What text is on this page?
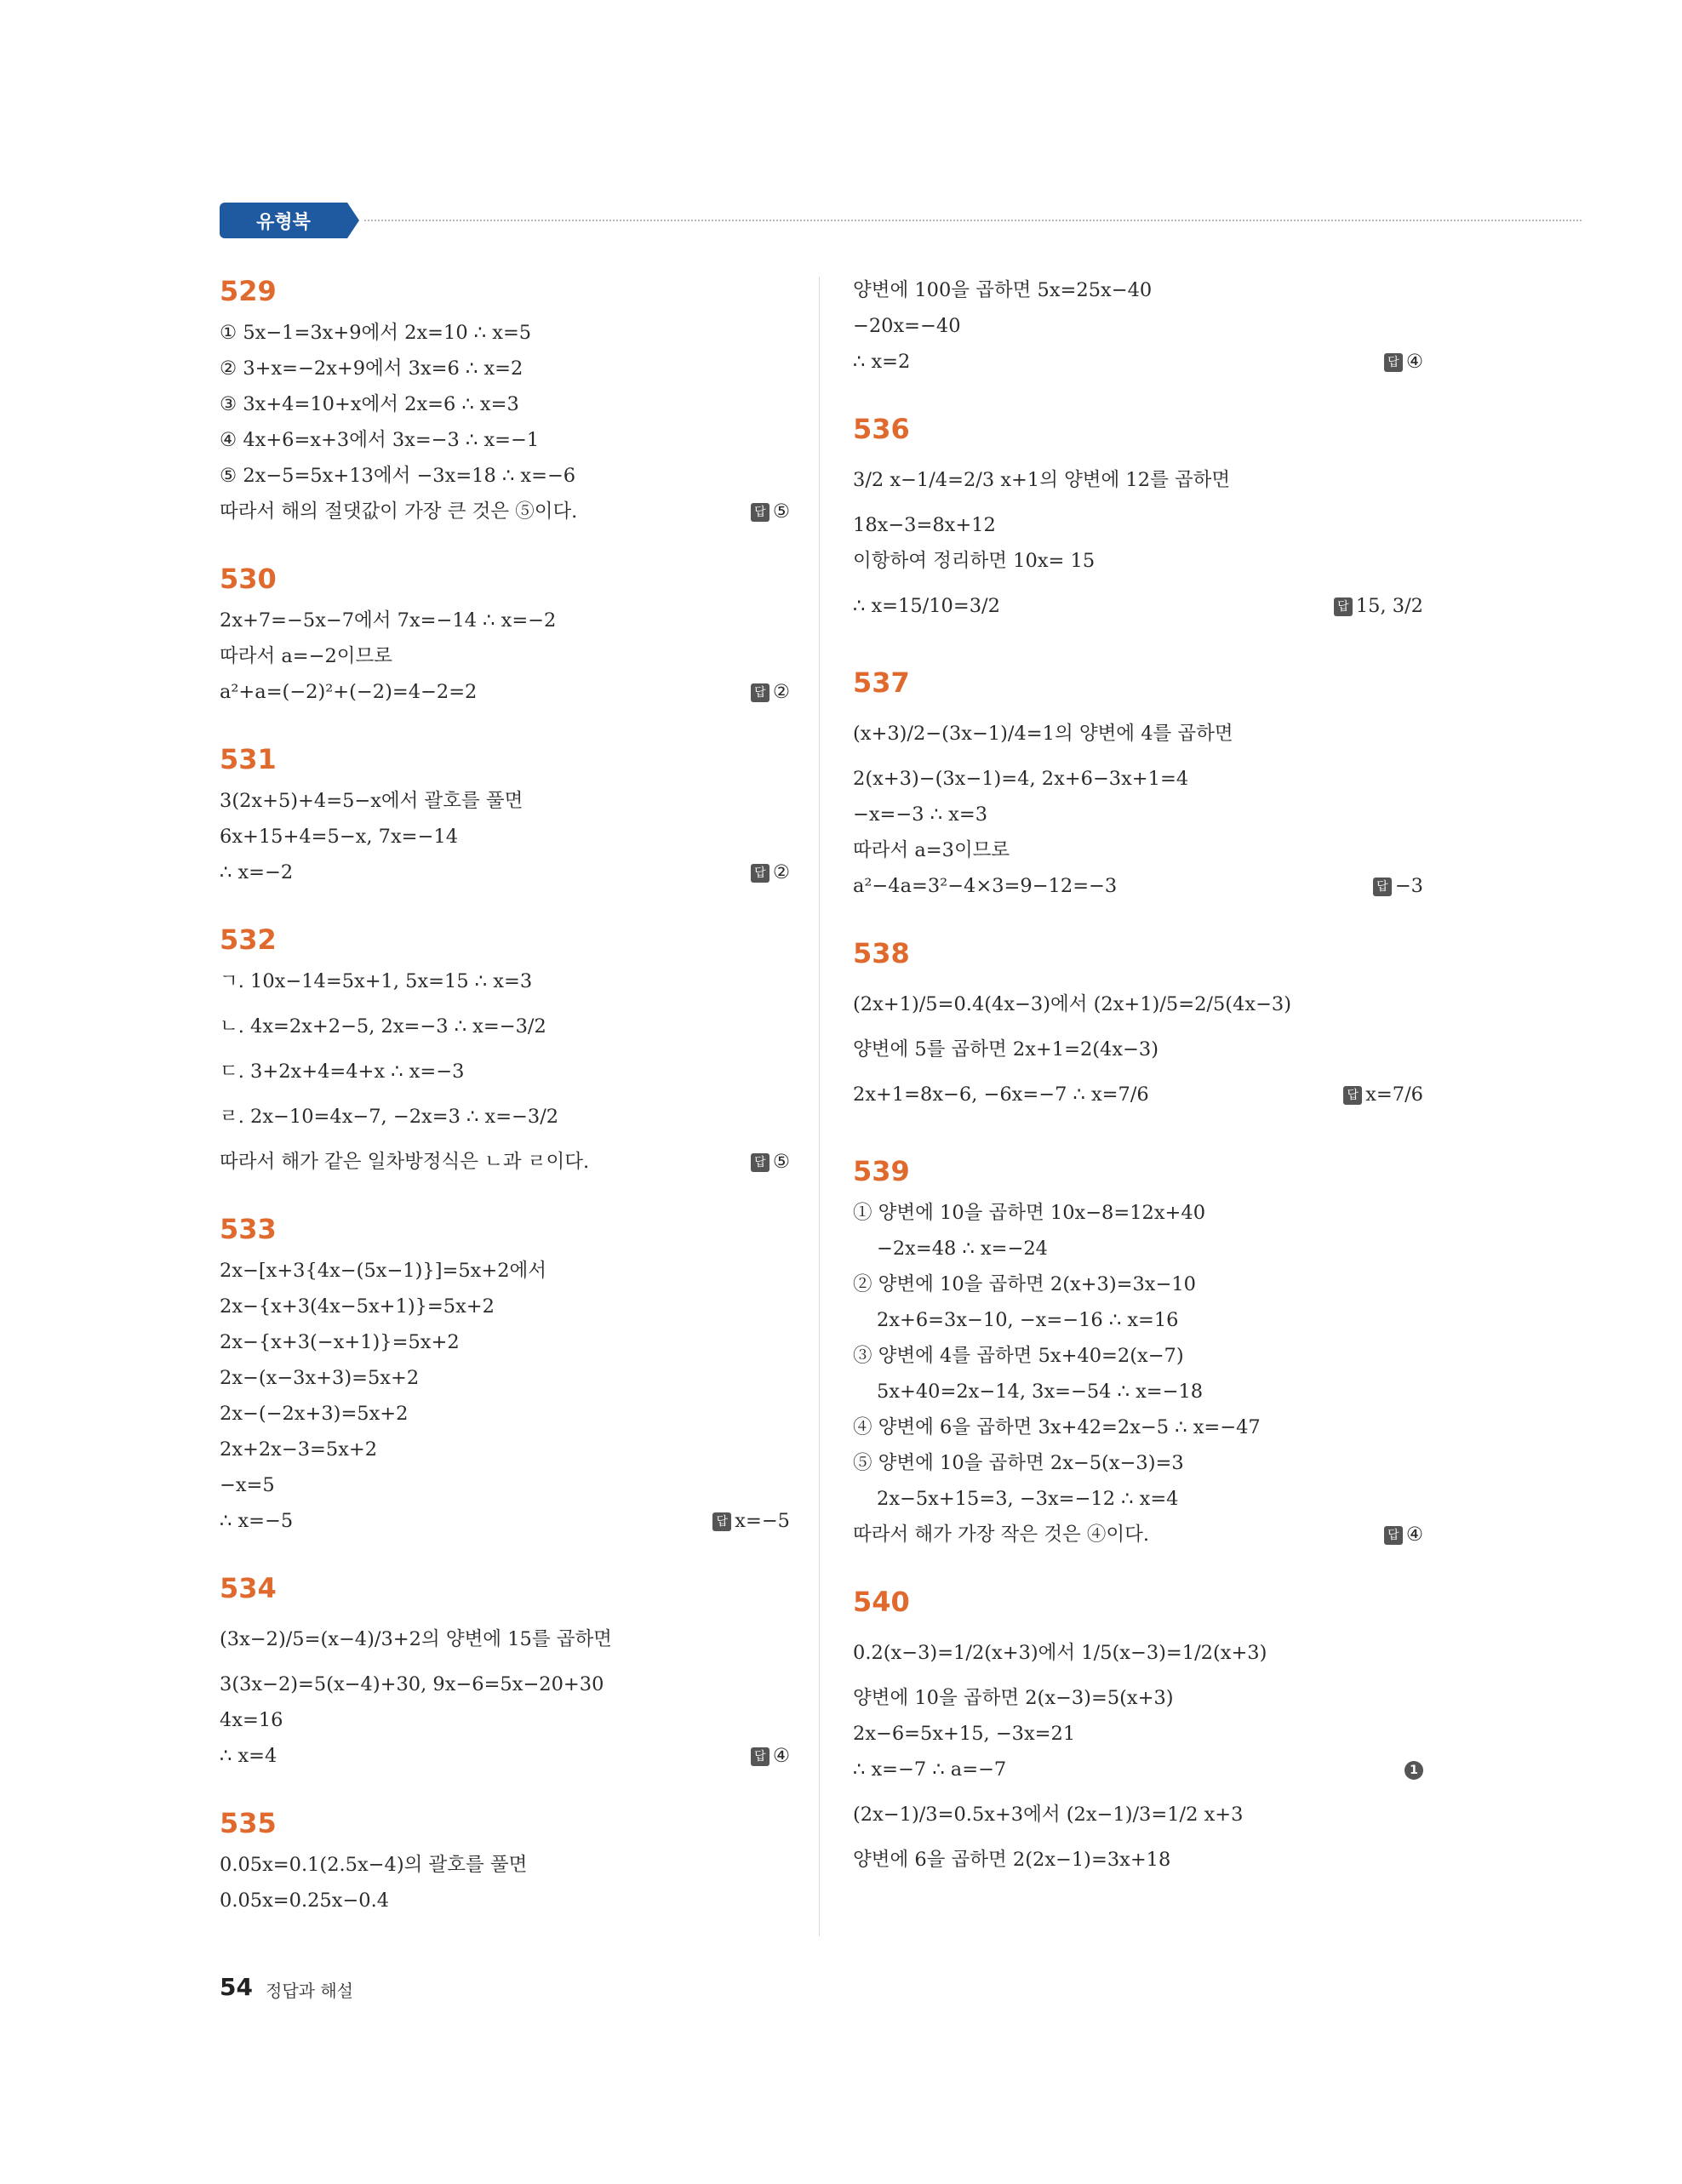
유형북
529
① 5x−1=3x+9에서 2x=10 ∴ x=5
② 3+x=−2x+9에서 3x=6 ∴ x=2
③ 3x+4=10+x에서 2x=6 ∴ x=3
④ 4x+6=x+3에서 3x=−3 ∴ x=−1
⑤ 2x−5=5x+13에서 −3x=18 ∴ x=−6
따라서 해의 절댓값이 가장 큰 것은 ⑤이다.	답 ⑤
530
2x+7=−5x−7에서 7x=−14 ∴ x=−2
따라서 a=−2이므로
a²+a=(−2)²+(−2)=4−2=2	답 ②
531
3(2x+5)+4=5−x에서 괄호를 풀면
6x+15+4=5−x, 7x=−14
∴ x=−2	답 ②
532
ㄱ. 10x−14=5x+1, 5x=15 ∴ x=3
ㄴ. 4x=2x+2−5, 2x=−3 ∴ x=−3/2
ㄷ. 3+2x+4=4+x ∴ x=−3
ㄹ. 2x−10=4x−7, −2x=3 ∴ x=−3/2
따라서 해가 같은 일차방정식은 ㄴ과 ㄹ이다.	답 ⑤
533
2x−[x+3{4x−(5x−1)}]=5x+2에서
2x−{x+3(4x−5x+1)}=5x+2
2x−{x+3(−x+1)}=5x+2
2x−(x−3x+3)=5x+2
2x−(−2x+3)=5x+2
2x+2x−3=5x+2
−x=5
∴ x=−5	답 x=−5
534
(3x−2)/5=(x−4)/3+2의 양변에 15를 곱하면
3(3x−2)=5(x−4)+30, 9x−6=5x−20+30
4x=16
∴ x=4	답 ④
535
0.05x=0.1(2.5x−4)의 괄호를 풀면
0.05x=0.25x−0.4
양변에 100을 곱하면 5x=25x−40
−20x=−40
∴ x=2	답 ④
536
3/2 x−1/4=2/3 x+1의 양변에 12를 곱하면
18x−3=8x+12
이항하여 정리하면 10x= 15
∴ x=15/10=3/2	답 15, 3/2
537
(x+3)/2−(3x−1)/4=1의 양변에 4를 곱하면
2(x+3)−(3x−1)=4, 2x+6−3x+1=4
−x=−3 ∴ x=3
따라서 a=3이므로
a²−4a=3²−4×3=9−12=−3	답 −3
538
(2x+1)/5=0.4(4x−3)에서 (2x+1)/5=2/5(4x−3)
양변에 5를 곱하면 2x+1=2(4x−3)
2x+1=8x−6, −6x=−7 ∴ x=7/6	답 x=7/6
539
① 양변에 10을 곱하면 10x−8=12x+40
−2x=48 ∴ x=−24
② 양변에 10을 곱하면 2(x+3)=3x−10
2x+6=3x−10, −x=−16 ∴ x=16
③ 양변에 4를 곱하면 5x+40=2(x−7)
5x+40=2x−14, 3x=−54 ∴ x=−18
④ 양변에 6을 곱하면 3x+42=2x−5 ∴ x=−47
⑤ 양변에 10을 곱하면 2x−5(x−3)=3
2x−5x+15=3, −3x=−12 ∴ x=4
따라서 해가 가장 작은 것은 ④이다.	답 ④
540
0.2(x−3)=1/2(x+3)에서 1/5(x−3)=1/2(x+3)
양변에 10을 곱하면 2(x−3)=5(x+3)
2x−6=5x+15, −3x=21
∴ x=−7 ∴ a=−7	1
(2x−1)/3=0.5x+3에서 (2x−1)/3=1/2 x+3
양변에 6을 곱하면 2(2x−1)=3x+18
54 정답과 해설
